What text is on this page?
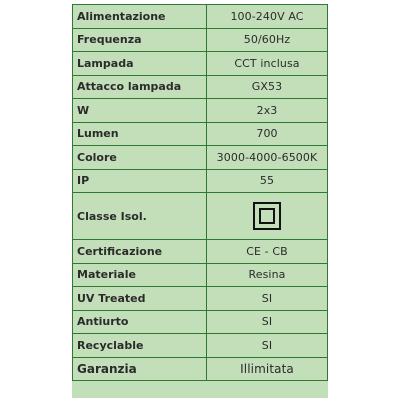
Alimentazione	100-240V AC
Frequenza	50/60Hz
Lampada	CCT inclusa
Attacco lampada	GX53
W	2x3
Lumen	700
Colore	3000-4000-6500K
IP	55
Classe Isol.	
Certificazione	CE - CB
Materiale	Resina
UV Treated	SI
Antiurto	SI
Recyclable	SI
Garanzia	Illimitata
